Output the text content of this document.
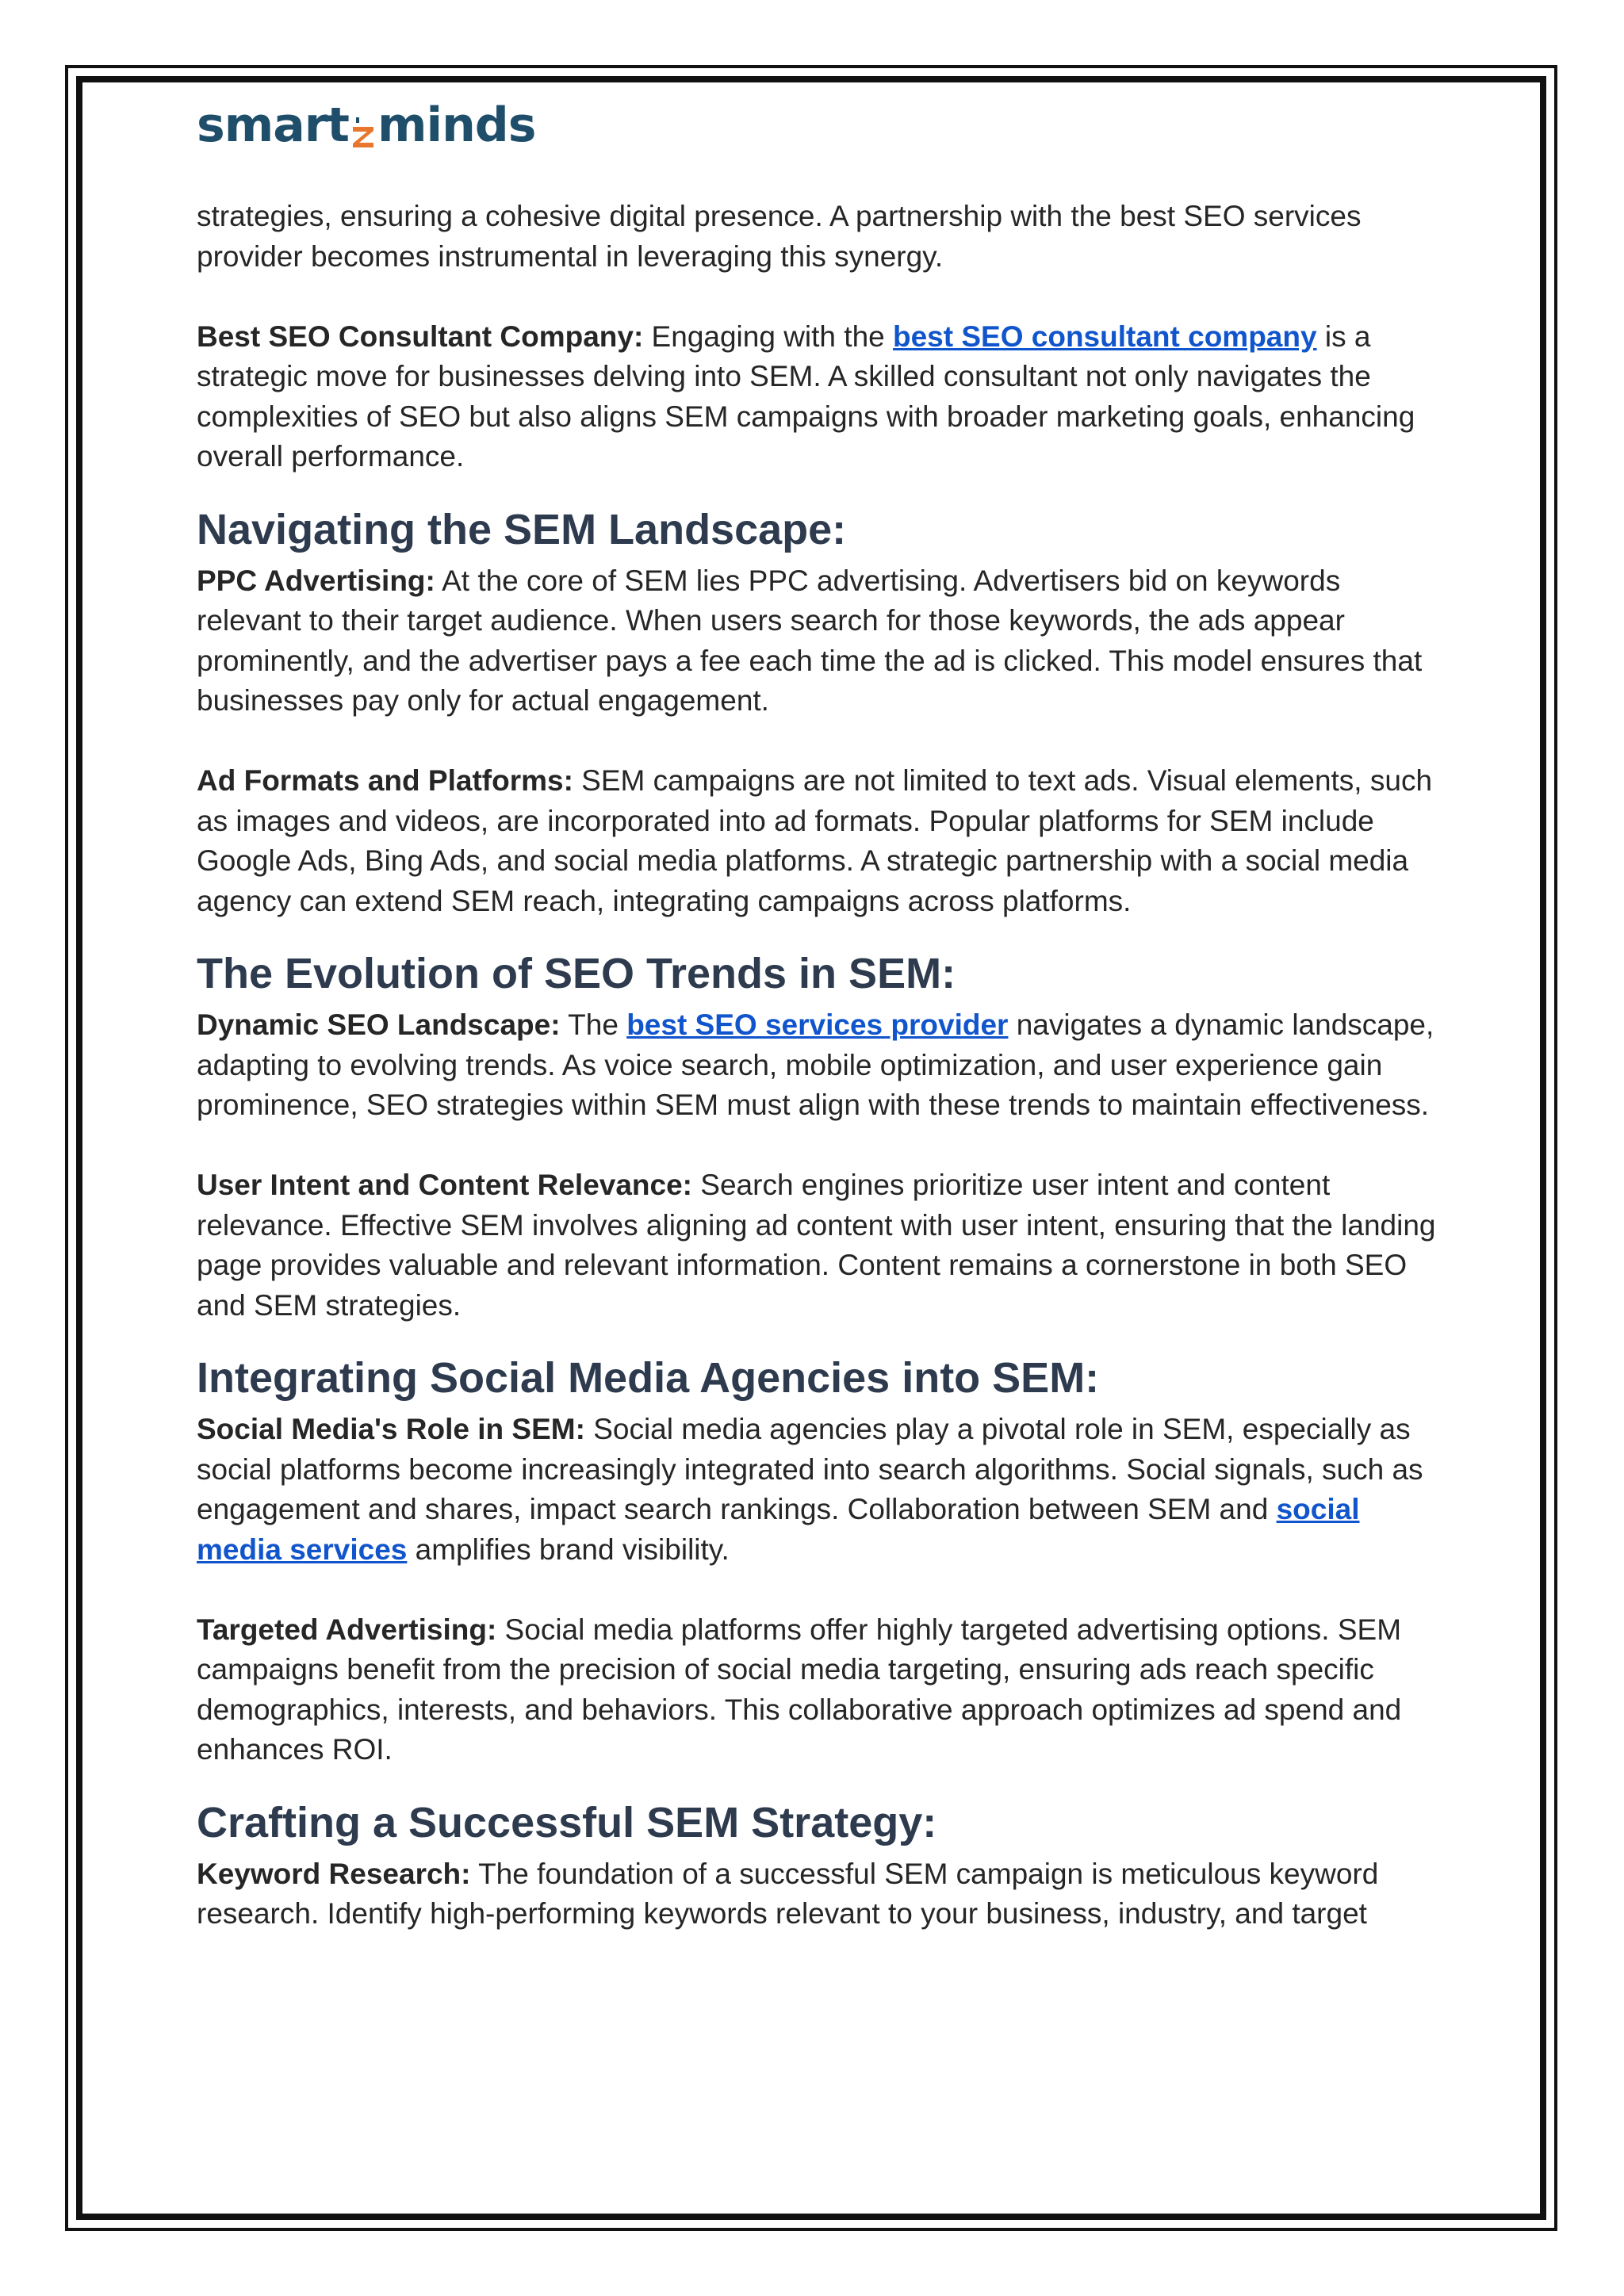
smart minds

strategies, ensuring a cohesive digital presence. A partnership with the best SEO services provider becomes instrumental in leveraging this synergy.

Best SEO Consultant Company: Engaging with the best SEO consultant company is a strategic move for businesses delving into SEM. A skilled consultant not only navigates the complexities of SEO but also aligns SEM campaigns with broader marketing goals, enhancing overall performance.

Navigating the SEM Landscape:

PPC Advertising: At the core of SEM lies PPC advertising. Advertisers bid on keywords relevant to their target audience. When users search for those keywords, the ads appear prominently, and the advertiser pays a fee each time the ad is clicked. This model ensures that businesses pay only for actual engagement.

Ad Formats and Platforms: SEM campaigns are not limited to text ads. Visual elements, such as images and videos, are incorporated into ad formats. Popular platforms for SEM include Google Ads, Bing Ads, and social media platforms. A strategic partnership with a social media agency can extend SEM reach, integrating campaigns across platforms.

The Evolution of SEO Trends in SEM:

Dynamic SEO Landscape: The best SEO services provider navigates a dynamic landscape, adapting to evolving trends. As voice search, mobile optimization, and user experience gain prominence, SEO strategies within SEM must align with these trends to maintain effectiveness.

User Intent and Content Relevance: Search engines prioritize user intent and content relevance. Effective SEM involves aligning ad content with user intent, ensuring that the landing page provides valuable and relevant information. Content remains a cornerstone in both SEO and SEM strategies.

Integrating Social Media Agencies into SEM:

Social Media's Role in SEM: Social media agencies play a pivotal role in SEM, especially as social platforms become increasingly integrated into search algorithms. Social signals, such as engagement and shares, impact search rankings. Collaboration between SEM and social media services amplifies brand visibility.

Targeted Advertising: Social media platforms offer highly targeted advertising options. SEM campaigns benefit from the precision of social media targeting, ensuring ads reach specific demographics, interests, and behaviors. This collaborative approach optimizes ad spend and enhances ROI.

Crafting a Successful SEM Strategy:

Keyword Research: The foundation of a successful SEM campaign is meticulous keyword research. Identify high-performing keywords relevant to your business, industry, and target
